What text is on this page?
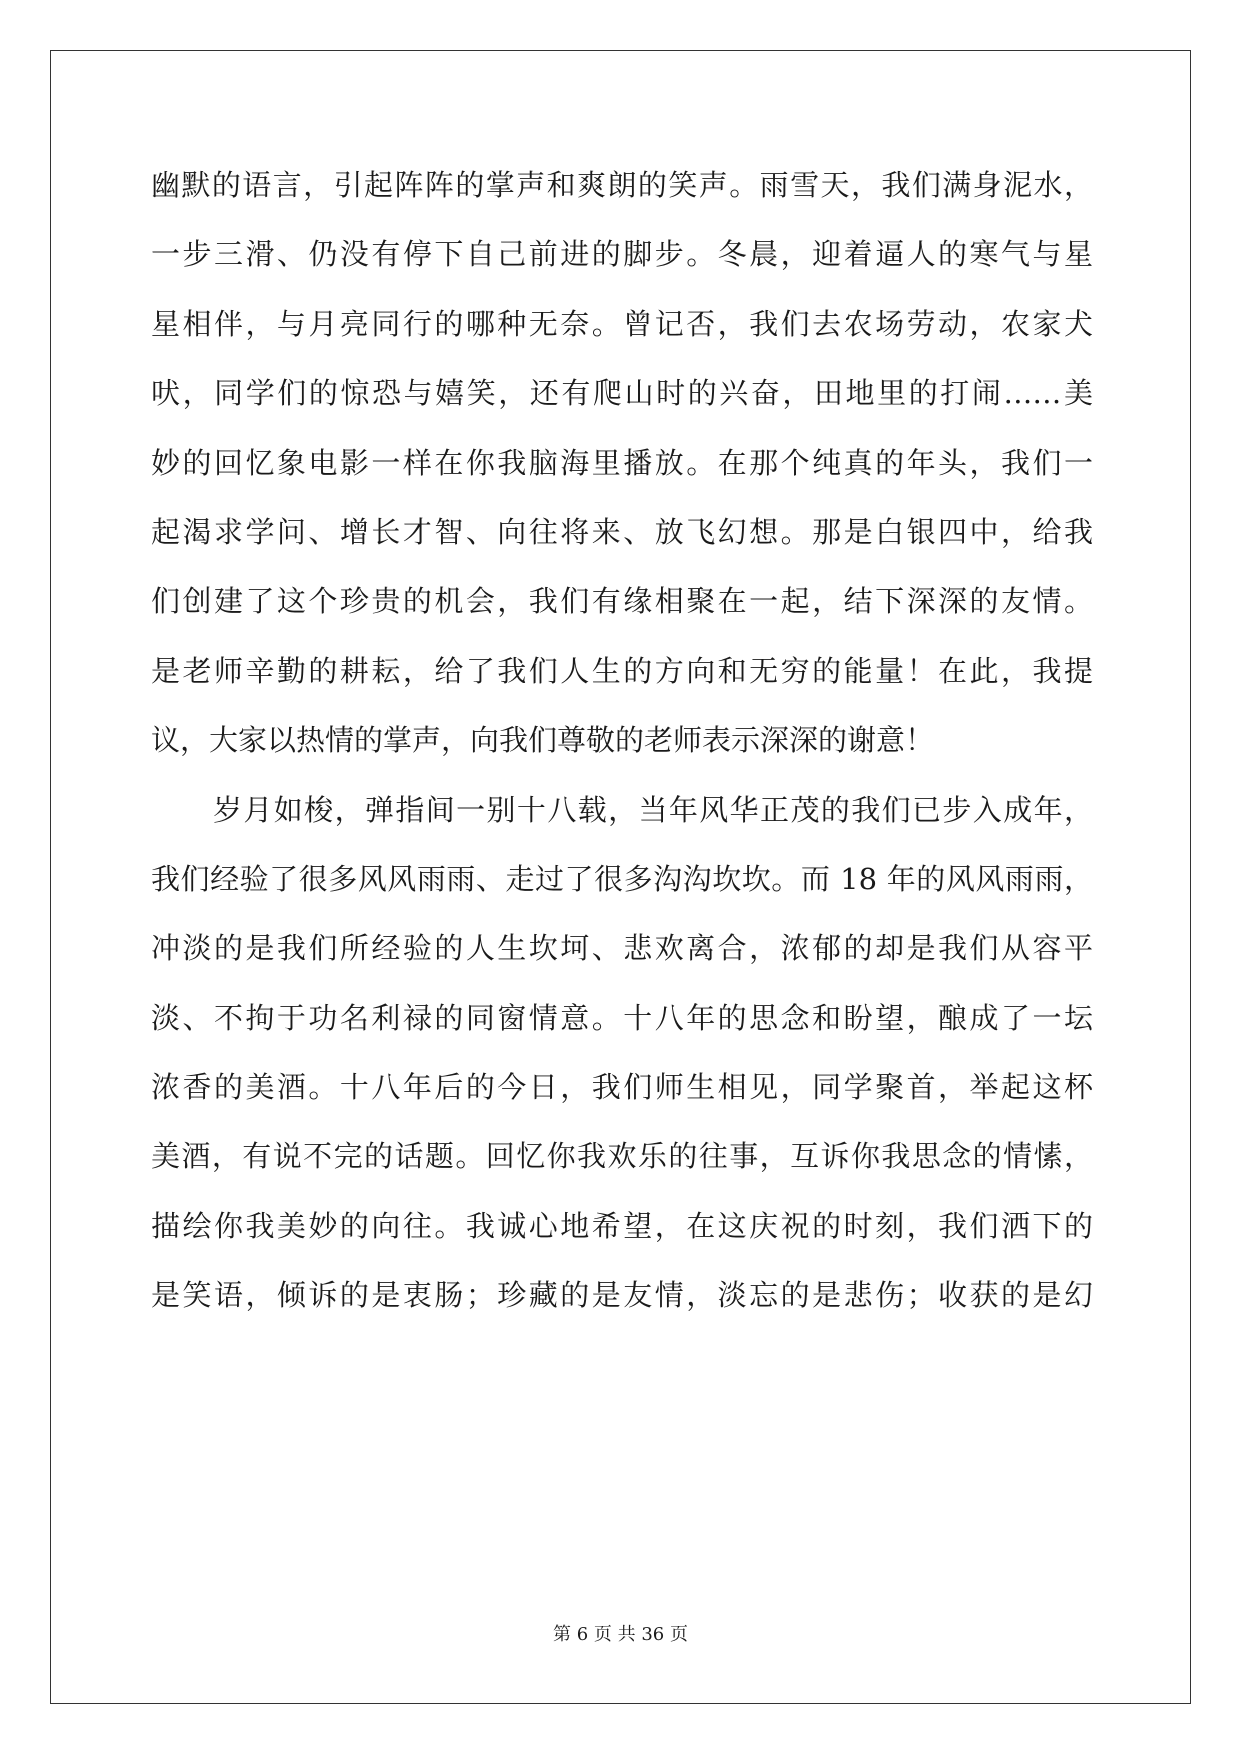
幽默的语言，引起阵阵的掌声和爽朗的笑声。雨雪天，我们满身泥水，
一步三滑、仍没有停下自己前进的脚步。冬晨，迎着逼人的寒气与星
星相伴，与月亮同行的哪种无奈。曾记否，我们去农场劳动，农家犬
吠，同学们的惊恐与嬉笑，还有爬山时的兴奋，田地里的打闹……美
妙的回忆象电影一样在你我脑海里播放。在那个纯真的年头，我们一
起渴求学问、增长才智、向往将来、放飞幻想。那是白银四中，给我
们创建了这个珍贵的机会，我们有缘相聚在一起，结下深深的友情。
是老师辛勤的耕耘，给了我们人生的方向和无穷的能量！在此，我提
议，大家以热情的掌声，向我们尊敬的老师表示深深的谢意！
岁月如梭，弹指间一别十八载，当年风华正茂的我们已步入成年，
我们经验了很多风风雨雨、走过了很多沟沟坎坎。而 18 年的风风雨雨，
冲淡的是我们所经验的人生坎坷、悲欢离合，浓郁的却是我们从容平
淡、不拘于功名利禄的同窗情意。十八年的思念和盼望，酿成了一坛
浓香的美酒。十八年后的今日，我们师生相见，同学聚首，举起这杯
美酒，有说不完的话题。回忆你我欢乐的往事，互诉你我思念的情愫，
描绘你我美妙的向往。我诚心地希望，在这庆祝的时刻，我们洒下的
是笑语，倾诉的是衷肠；珍藏的是友情，淡忘的是悲伤；收获的是幻
第 6 页 共 36 页
